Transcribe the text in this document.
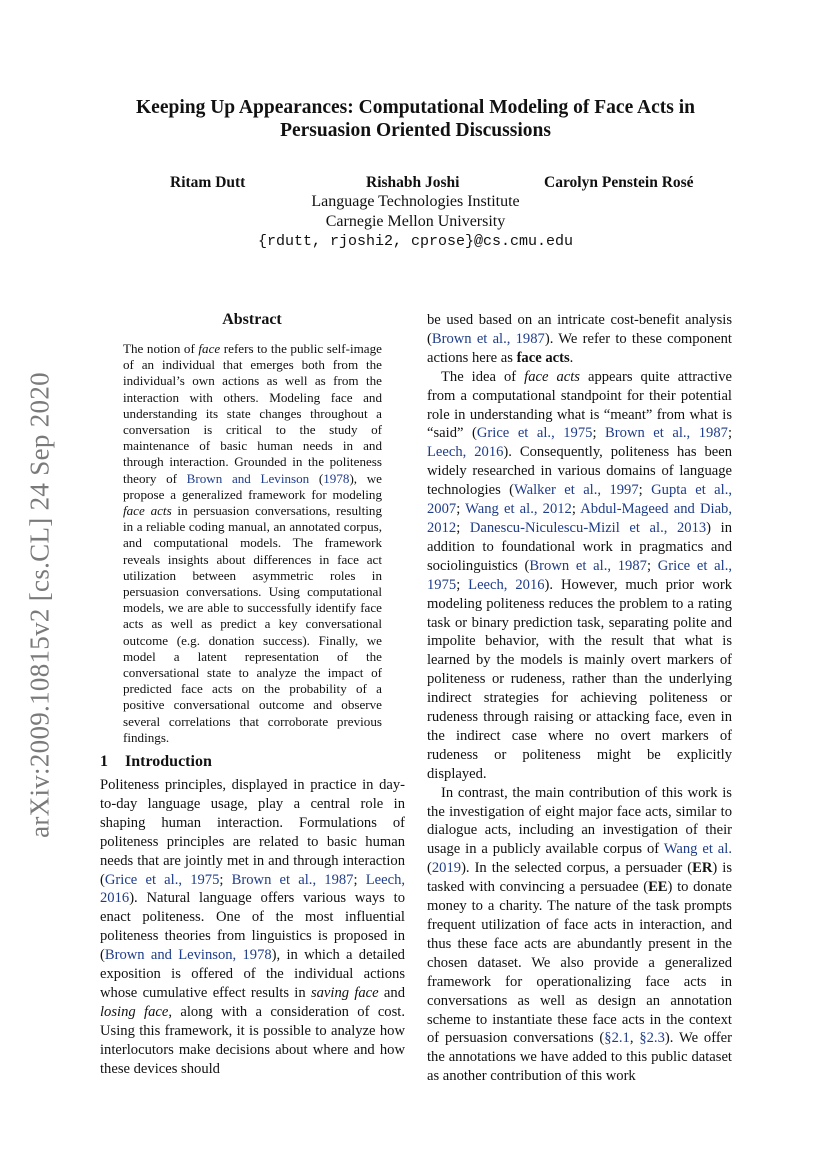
arXiv:2009.10815v2 [cs.CL] 24 Sep 2020
Keeping Up Appearances: Computational Modeling of Face Acts in
Persuasion Oriented Discussions
Ritam Dutt	Rishabh Joshi	Carolyn Penstein Rosé
Language Technologies Institute
Carnegie Mellon University
{rdutt, rjoshi2, cprose}@cs.cmu.edu
Abstract
The notion of face refers to the public self-image of an individual that emerges both from the individual’s own actions as well as from the interaction with others. Modeling face and understanding its state changes throughout a conversation is critical to the study of maintenance of basic human needs in and through interaction. Grounded in the politeness theory of Brown and Levinson (1978), we propose a generalized framework for modeling face acts in persuasion conversations, resulting in a reliable coding manual, an annotated corpus, and computational models. The framework reveals insights about differences in face act utilization between asymmetric roles in persuasion conversations. Using computational models, we are able to successfully identify face acts as well as predict a key conversational outcome (e.g. donation success). Finally, we model a latent representation of the conversational state to analyze the impact of predicted face acts on the probability of a positive conversational outcome and observe several correlations that corroborate previous findings.
1 Introduction

Politeness principles, displayed in practice in day-to-day language usage, play a central role in shaping human interaction. Formulations of politeness principles are related to basic human needs that are jointly met in and through interaction (Grice et al., 1975; Brown et al., 1987; Leech, 2016). Natural language offers various ways to enact politeness. One of the most influential politeness theories from linguistics is proposed in (Brown and Levinson, 1978), in which a detailed exposition is offered of the individual actions whose cumulative effect results in saving face and losing face, along with a consideration of cost. Using this framework, it is possible to analyze how interlocutors make decisions about where and how these devices should

be used based on an intricate cost-benefit analysis (Brown et al., 1987). We refer to these component actions here as face acts.

The idea of face acts appears quite attractive from a computational standpoint for their potential role in understanding what is “meant” from what is “said” (Grice et al., 1975; Brown et al., 1987; Leech, 2016). Consequently, politeness has been widely researched in various domains of language technologies (Walker et al., 1997; Gupta et al., 2007; Wang et al., 2012; Abdul-Mageed and Diab, 2012; Danescu-Niculescu-Mizil et al., 2013) in addition to foundational work in pragmatics and sociolinguistics (Brown et al., 1987; Grice et al., 1975; Leech, 2016). However, much prior work modeling politeness reduces the problem to a rating task or binary prediction task, separating polite and impolite behavior, with the result that what is learned by the models is mainly overt markers of politeness or rudeness, rather than the underlying indirect strategies for achieving politeness or rudeness through raising or attacking face, even in the indirect case where no overt markers of rudeness or politeness might be explicitly displayed.

In contrast, the main contribution of this work is the investigation of eight major face acts, similar to dialogue acts, including an investigation of their usage in a publicly available corpus of Wang et al. (2019). In the selected corpus, a persuader (ER) is tasked with convincing a persuadee (EE) to donate money to a charity. The nature of the task prompts frequent utilization of face acts in interaction, and thus these face acts are abundantly present in the chosen dataset. We also provide a generalized framework for operationalizing face acts in conversations as well as design an annotation scheme to instantiate these face acts in the context of persuasion conversations (§2.1, §2.3). We offer the annotations we have added to this public dataset as another contribution of this work
